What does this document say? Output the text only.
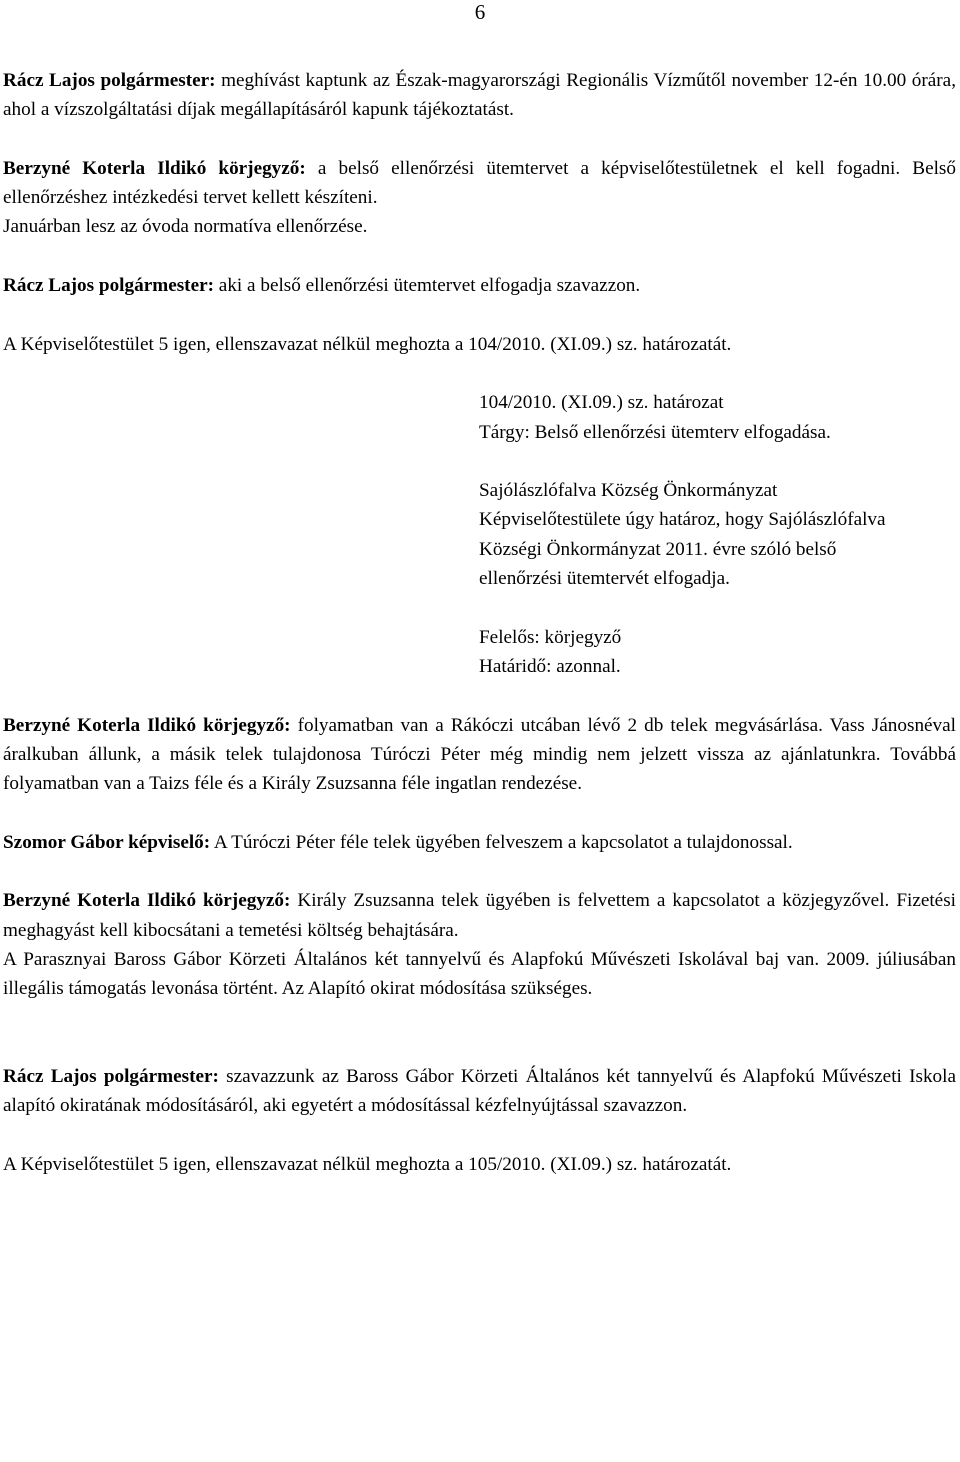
6

Rácz Lajos polgármester: meghívást kaptunk az Észak-magyarországi Regionális Vízműtől november 12-én 10.00 órára, ahol a vízszolgáltatási díjak megállapításáról kapunk tájékoztatást.

Berzyné Koterla Ildikó körjegyző: a belső ellenőrzési ütemtervet a képviselőtestületnek el kell fogadni. Belső ellenőrzéshez intézkedési tervet kellett készíteni.

Januárban lesz az óvoda normatíva ellenőrzése.

Rácz Lajos polgármester: aki a belső ellenőrzési ütemtervet elfogadja szavazzon.

A Képviselőtestület 5 igen, ellenszavazat nélkül meghozta a 104/2010. (XI.09.) sz. határozatát.

104/2010. (XI.09.) sz. határozat

Tárgy: Belső ellenőrzési ütemterv elfogadása.

Sajólászlófalva Község Önkormányzat Képviselőtestülete úgy határoz, hogy Sajólászlófalva Községi Önkormányzat 2011. évre szóló belső ellenőrzési ütemtervét elfogadja.

Felelős: körjegyző

Határidő: azonnal.

Berzyné Koterla Ildikó körjegyző: folyamatban van a Rákóczi utcában lévő 2 db telek megvásárlása. Vass Jánosnéval áralkuban állunk, a másik telek tulajdonosa Túróczi Péter még mindig nem jelzett vissza az ajánlatunkra. Továbbá folyamatban van a Taizs féle és a Király Zsuzsanna féle ingatlan rendezése.

Szomor Gábor képviselő: A Túróczi Péter féle telek ügyében felveszem a kapcsolatot a tulajdonossal.

Berzyné Koterla Ildikó körjegyző: Király Zsuzsanna telek ügyében is felvettem a kapcsolatot a közjegyzővel. Fizetési meghagyást kell kibocsátani a temetési költség behajtására.

A Parasznyai Baross Gábor Körzeti Általános két tannyelvű és Alapfokú Művészeti Iskolával baj van. 2009. júliusában illegális támogatás levonása történt. Az Alapító okirat módosítása szükséges.

Rácz Lajos polgármester: szavazzunk az Baross Gábor Körzeti Általános két tannyelvű és Alapfokú Művészeti Iskola alapító okiratának módosításáról, aki egyetért a módosítással kézfelnyújtással szavazzon.

A Képviselőtestület 5 igen, ellenszavazat nélkül meghozta a 105/2010. (XI.09.) sz. határozatát.
